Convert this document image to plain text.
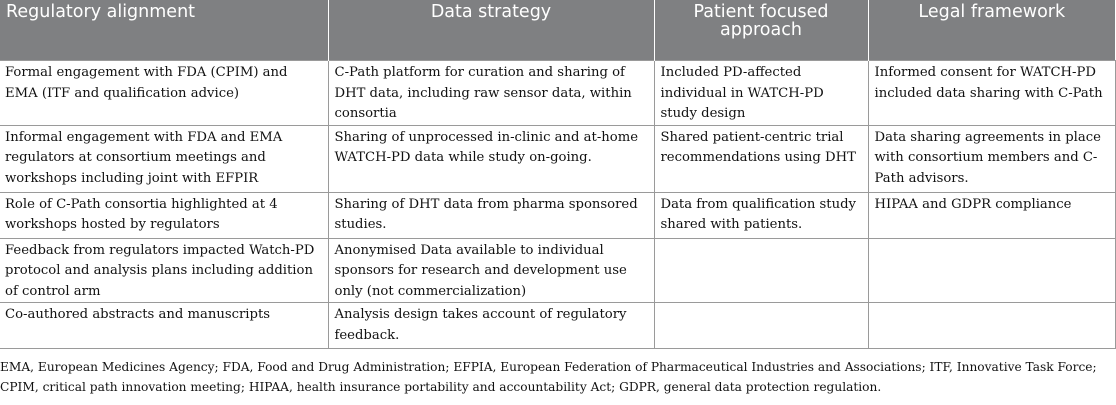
Regulatory alignment	Data strategy	Patient focused approach	Legal framework
Formal engagement with FDA (CPIM) and EMA (ITF and qualification advice)	C-Path platform for curation and sharing of DHT data, including raw sensor data, within consortia	Included PD-affected individual in WATCH-PD study design	Informed consent for WATCH-PD included data sharing with C-Path
Informal engagement with FDA and EMA regulators at consortium meetings and workshops including joint with EFPIR	Sharing of unprocessed in-clinic and at-home WATCH-PD data while study on-going.	Shared patient-centric trial recommendations using DHT	Data sharing agreements in place with consortium members and C-Path advisors.
Role of C-Path consortia highlighted at 4 workshops hosted by regulators	Sharing of DHT data from pharma sponsored studies.	Data from qualification study shared with patients.	HIPAA and GDPR compliance
Feedback from regulators impacted Watch-PD protocol and analysis plans including addition of control arm	Anonymised Data available to individual sponsors for research and development use only (not commercialization)		
Co-authored abstracts and manuscripts	Analysis design takes account of regulatory feedback.		
EMA, European Medicines Agency; FDA, Food and Drug Administration; EFPIA, European Federation of Pharmaceutical Industries and Associations; ITF, Innovative Task Force; CPIM, critical path innovation meeting; HIPAA, health insurance portability and accountability Act; GDPR, general data protection regulation.
